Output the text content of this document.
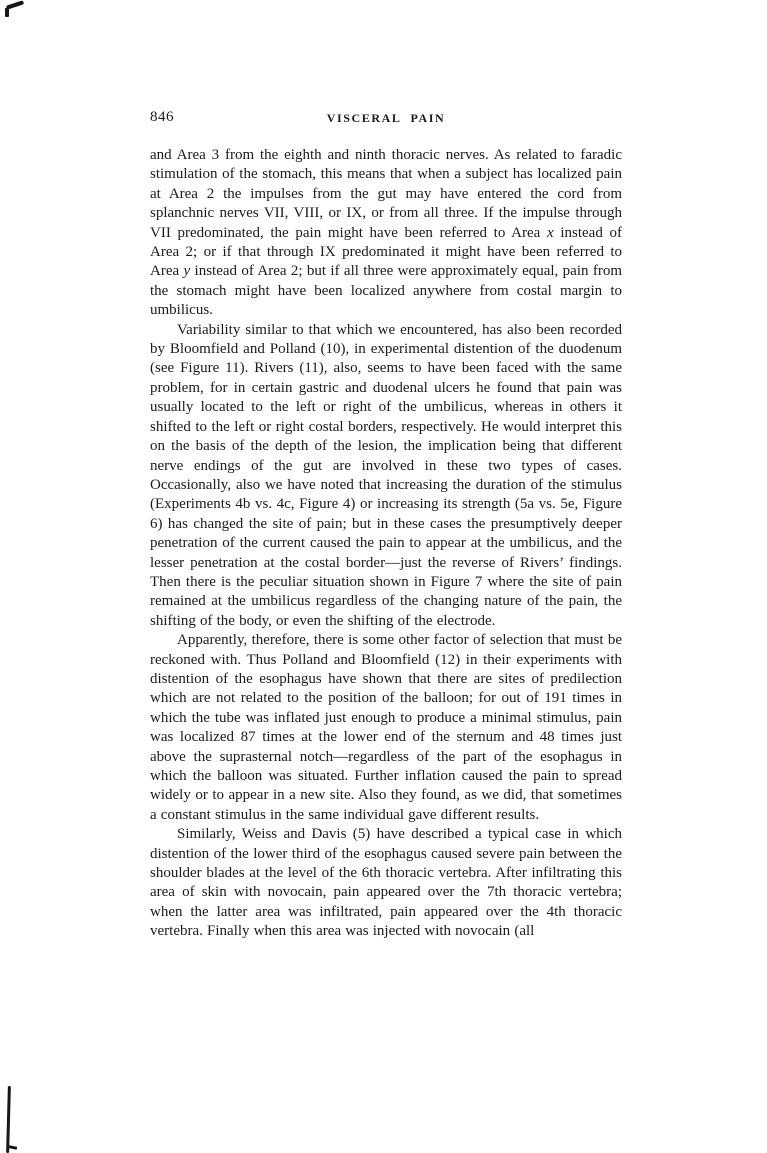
846	VISCERAL PAIN

and Area 3 from the eighth and ninth thoracic nerves. As related to faradic stimulation of the stomach, this means that when a subject has localized pain at Area 2 the impulses from the gut may have entered the cord from splanchnic nerves VII, VIII, or IX, or from all three. If the impulse through VII predominated, the pain might have been referred to Area x instead of Area 2; or if that through IX predominated it might have been referred to Area y instead of Area 2; but if all three were approximately equal, pain from the stomach might have been localized anywhere from costal margin to umbilicus.

Variability similar to that which we encountered, has also been recorded by Bloomfield and Polland (10), in experimental distention of the duodenum (see Figure 11). Rivers (11), also, seems to have been faced with the same problem, for in certain gastric and duodenal ulcers he found that pain was usually located to the left or right of the umbilicus, whereas in others it shifted to the left or right costal borders, respectively. He would interpret this on the basis of the depth of the lesion, the implication being that different nerve endings of the gut are involved in these two types of cases. Occasionally, also we have noted that increasing the duration of the stimulus (Experiments 4b vs. 4c, Figure 4) or increasing its strength (5a vs. 5e, Figure 6) has changed the site of pain; but in these cases the presumptively deeper penetration of the current caused the pain to appear at the umbilicus, and the lesser penetration at the costal border—just the reverse of Rivers’ findings. Then there is the peculiar situation shown in Figure 7 where the site of pain remained at the umbilicus regardless of the changing nature of the pain, the shifting of the body, or even the shifting of the electrode.

Apparently, therefore, there is some other factor of selection that must be reckoned with. Thus Polland and Bloomfield (12) in their experiments with distention of the esophagus have shown that there are sites of predilection which are not related to the position of the balloon; for out of 191 times in which the tube was inflated just enough to produce a minimal stimulus, pain was localized 87 times at the lower end of the sternum and 48 times just above the suprasternal notch—regardless of the part of the esophagus in which the balloon was situated. Further inflation caused the pain to spread widely or to appear in a new site. Also they found, as we did, that sometimes a constant stimulus in the same individual gave different results.

Similarly, Weiss and Davis (5) have described a typical case in which distention of the lower third of the esophagus caused severe pain between the shoulder blades at the level of the 6th thoracic vertebra. After infiltrating this area of skin with novocain, pain appeared over the 7th thoracic vertebra; when the latter area was infiltrated, pain appeared over the 4th thoracic vertebra. Finally when this area was injected with novocain (all
